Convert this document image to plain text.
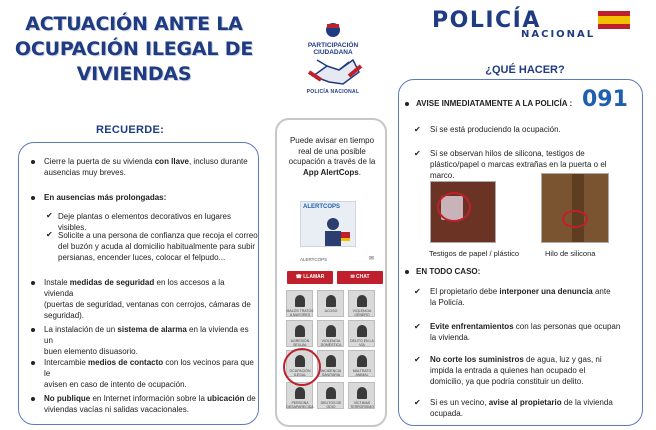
ACTUACIÓN ANTE LA
OCUPACIÓN ILEGAL DE
VIVIENDAS
RECUERDE:
Cierre la puerta de su vivienda con llave, incluso durante
ausencias muy breves.
En ausencias más prolongadas:
✔ Deje plantas o elementos decorativos en lugares visibles.
✔ Solicite a una persona de confianza que recoja el correo
del buzón y acuda al domicilio habitualmente para subir
persianas, encender luces, colocar el felpudo...
Instale medidas de seguridad en los accesos a la vivienda
(puertas de seguridad, ventanas con cerrojos, cámaras de
seguridad).
La instalación de un sistema de alarma en la vivienda es un
buen elemento disuasorio.
Intercambie medios de contacto con los vecinos para que le
avisen en caso de intento de ocupación.
No publique en Internet información sobre la ubicación de
viviendas vacías ni salidas vacacionales.
PARTICIPACIÓN
CIUDADANA
POLICÍA NACIONAL
Puede avisar en tiempo
real de una posible
ocupación a través de la
App AlertCops.
ALERTCOPS
ALERTCOPS	✉
☎ LLAMAR	✉ CHAT
MALOS TRATOS A MAYORES
ACOSO	VIOLENCIA GÉNERO
AGRESIÓN SEXUAL
VIOLENCIA DOMÉSTICA
DELITO EN LA VÍA
OCUPACIÓN ILEGAL
INCIDENCIA SANITARIA
MALTRATO ANIMAL
PERSONA DESAPARECIDA
DELITOS DE ODIO
VÍCTIMAS TERRORISMO
POLICÍA
NACIONAL
¿QUÉ HACER?
AVISE INMEDIATAMENTE A LA POLICÍA : 091
✔ Si se está produciendo la ocupación.
✔ Si se observan hilos de silicona, testigos de
plástico/papel o marcas extrañas en la puerta o el
marco.
Testigos de papel / plástico	Hilo de silicona
EN TODO CASO:
✔ El propietario debe interponer una denuncia ante
la Policía.
✔ Evite enfrentamientos con las personas que ocupan
la vivienda.
✔ No corte los suministros de agua, luz y gas, ni
impida la entrada a quienes han ocupado el
domicilio, ya que podría constituir un delito.
✔ Si es un vecino, avise al propietario de la vivienda
ocupada.
